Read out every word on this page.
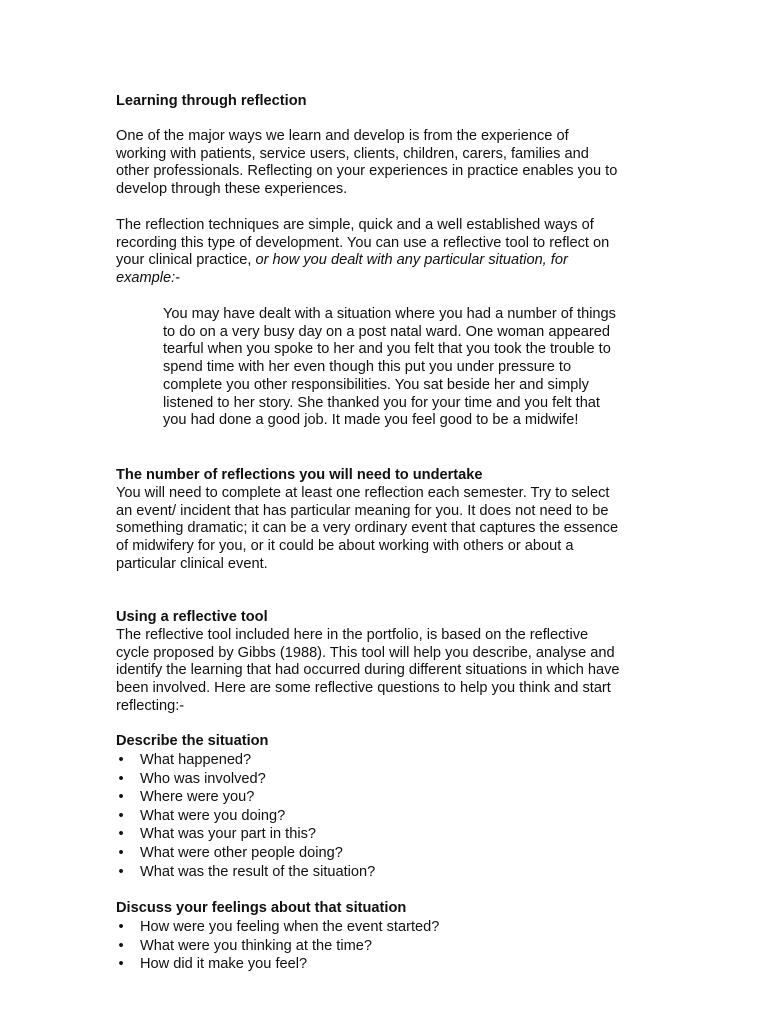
Learning through reflection

One of the major ways we learn and develop is from the experience of
working with patients, service users, clients, children, carers, families and
other professionals. Reflecting on your experiences in practice enables you to
develop through these experiences.

The reflection techniques are simple, quick and a well established ways of
recording this type of development. You can use a reflective tool to reflect on
your clinical practice, or how you dealt with any particular situation, for
example:-

You may have dealt with a situation where you had a number of things
to do on a very busy day on a post natal ward. One woman appeared
tearful when you spoke to her and you felt that you took the trouble to
spend time with her even though this put you under pressure to
complete you other responsibilities. You sat beside her and simply
listened to her story. She thanked you for your time and you felt that
you had done a good job. It made you feel good to be a midwife!

The number of reflections you will need to undertake

You will need to complete at least one reflection each semester. Try to select
an event/ incident that has particular meaning for you. It does not need to be
something dramatic; it can be a very ordinary event that captures the essence
of midwifery for you, or it could be about working with others or about a
particular clinical event.

Using a reflective tool

The reflective tool included here in the portfolio, is based on the reflective
cycle proposed by Gibbs (1988). This tool will help you describe, analyse and
identify the learning that had occurred during different situations in which have
been involved. Here are some reflective questions to help you think and start
reflecting:-

Describe the situation
• What happened?
• Who was involved?
• Where were you?
• What were you doing?
• What was your part in this?
• What were other people doing?
• What was the result of the situation?
Discuss your feelings about that situation
• How were you feeling when the event started?
• What were you thinking at the time?
• How did it make you feel?
